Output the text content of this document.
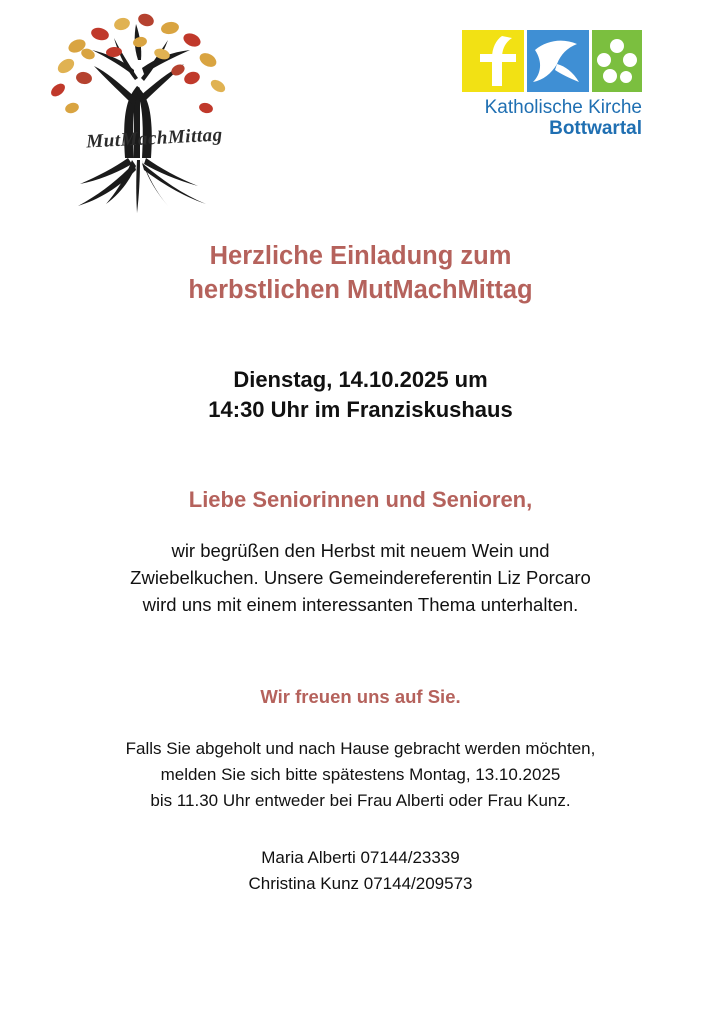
MutMachMittag
Katholische Kirche
Bottwartal
Herzliche Einladung zum
herbstlichen MutMachMittag
Dienstag, 14.10.2025 um
14:30 Uhr im Franziskushaus
Liebe Seniorinnen und Senioren,
wir begrüßen den Herbst mit neuem Wein und
Zwiebelkuchen. Unsere Gemeindereferentin Liz Porcaro
wird uns mit einem interessanten Thema unterhalten.
Wir freuen uns auf Sie.
Falls Sie abgeholt und nach Hause gebracht werden möchten,
melden Sie sich bitte spätestens Montag, 13.10.2025
bis 11.30 Uhr entweder bei Frau Alberti oder Frau Kunz.
Maria Alberti 07144/23339
Christina Kunz 07144/209573
